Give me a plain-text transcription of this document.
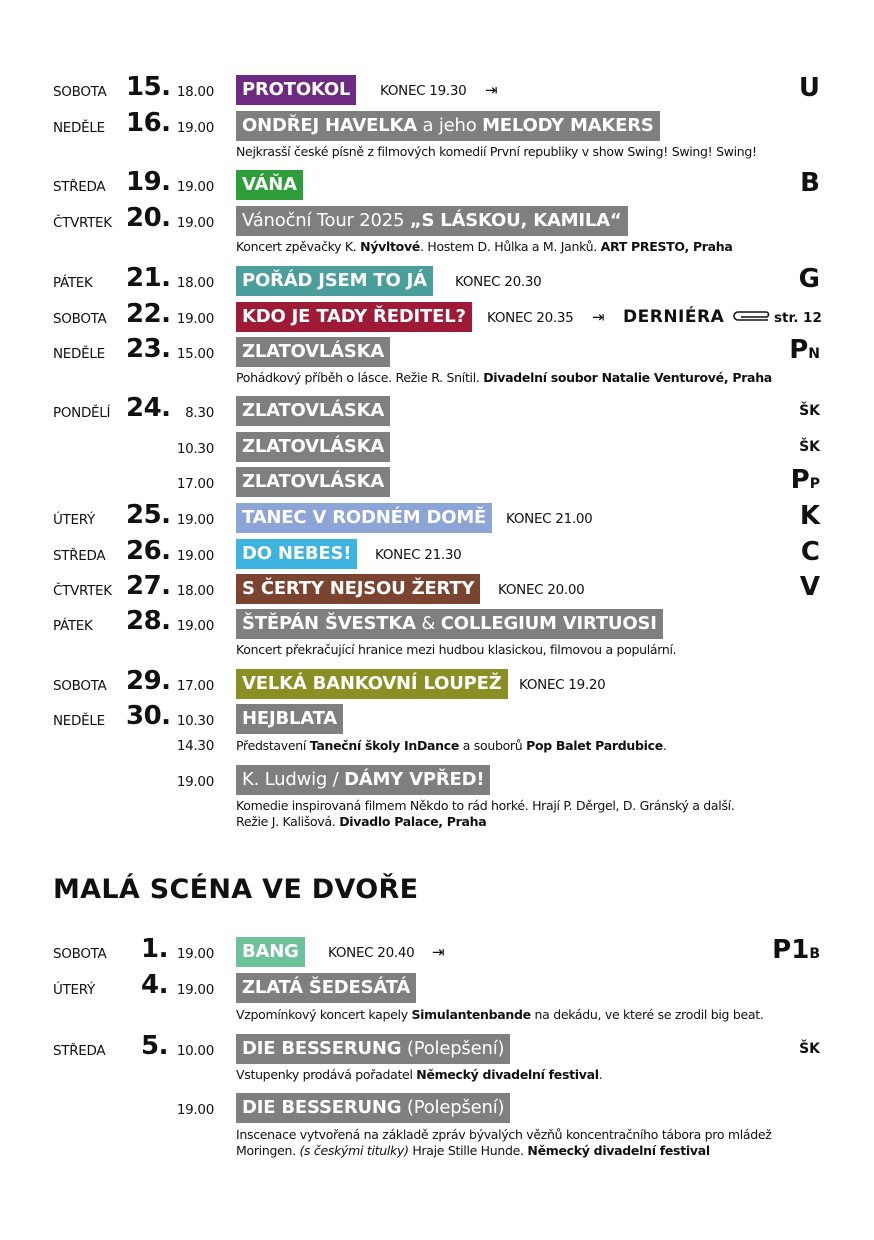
SOBOTA 15. 18.00	PROTOKOL	KONEC 19.30 ⇥	U
NEDĚLE 16. 19.00	ONDŘEJ HAVELKA a jeho MELODY MAKERS
Nejkrasší české písně z filmových komedií První republiky v show Swing! Swing! Swing!
STŘEDA 19. 19.00	VÁŇA	B
ČTVRTEK 20. 19.00	Vánoční Tour 2025 „S LÁSKOU, KAMILA“
Koncert zpěvačky K. Nývltové. Hostem D. Hůlka a M. Janků. ART PRESTO, Praha
PÁTEK 21. 18.00	POŘÁD JSEM TO JÁ	KONEC 20.30	G
SOBOTA 22. 19.00	KDO JE TADY ŘEDITEL?	KONEC 20.35 ⇥ DERNIÉRA	str. 12
NEDĚLE 23. 15.00	ZLATOVLÁSKA	PN
Pohádkový příběh o lásce. Režie R. Snítil. Divadelní soubor Natalie Venturové, Praha
PONDĚLÍ 24.	8.30	ZLATOVLÁSKA	ŠK
10.30	ZLATOVLÁSKA	ŠK
17.00	ZLATOVLÁSKA	PP
ÚTERÝ 25. 19.00	TANEC V RODNÉM DOMĚ	KONEC 21.00	K
STŘEDA 26. 19.00	DO NEBES!	KONEC 21.30	C
ČTVRTEK 27. 18.00	S ČERTY NEJSOU ŽERTY	KONEC 20.00	V
PÁTEK 28. 19.00	ŠTĚPÁN ŠVESTKA & COLLEGIUM VIRTUOSI
Koncert překračující hranice mezi hudbou klasickou, filmovou a populární.
SOBOTA 29. 17.00	VELKÁ BANKOVNÍ LOUPEŽ	KONEC 19.20
NEDĚLE 30. 10.30	HEJBLATA
14.30 Představení Taneční školy InDance a souborů Pop Balet Pardubice.
19.00	K. Ludwig / DÁMY VPŘED!
Komedie inspirovaná filmem Někdo to rád horké. Hrají P. Děrgel, D. Gránský a další.
Režie J. Kališová. Divadlo Palace, Praha
MALÁ SCÉNA VE DVOŘE
SOBOTA 1. 19.00	BANG	KONEC 20.40 ⇥	P1B
ÚTERÝ 4. 19.00	ZLATÁ ŠEDESÁTÁ
Vzpomínkový koncert kapely Simulantenbande na dekádu, ve které se zrodil big beat.
STŘEDA 5. 10.00	DIE BESSERUNG (Polepšení)	ŠK
Vstupenky prodává pořadatel Německý divadelní festival.
19.00	DIE BESSERUNG (Polepšení)
Inscenace vytvořená na základě zpráv bývalých vězňů koncentračního tábora pro mládež
Moringen. (s českými titulky) Hraje Stille Hunde. Německý divadelní festival
